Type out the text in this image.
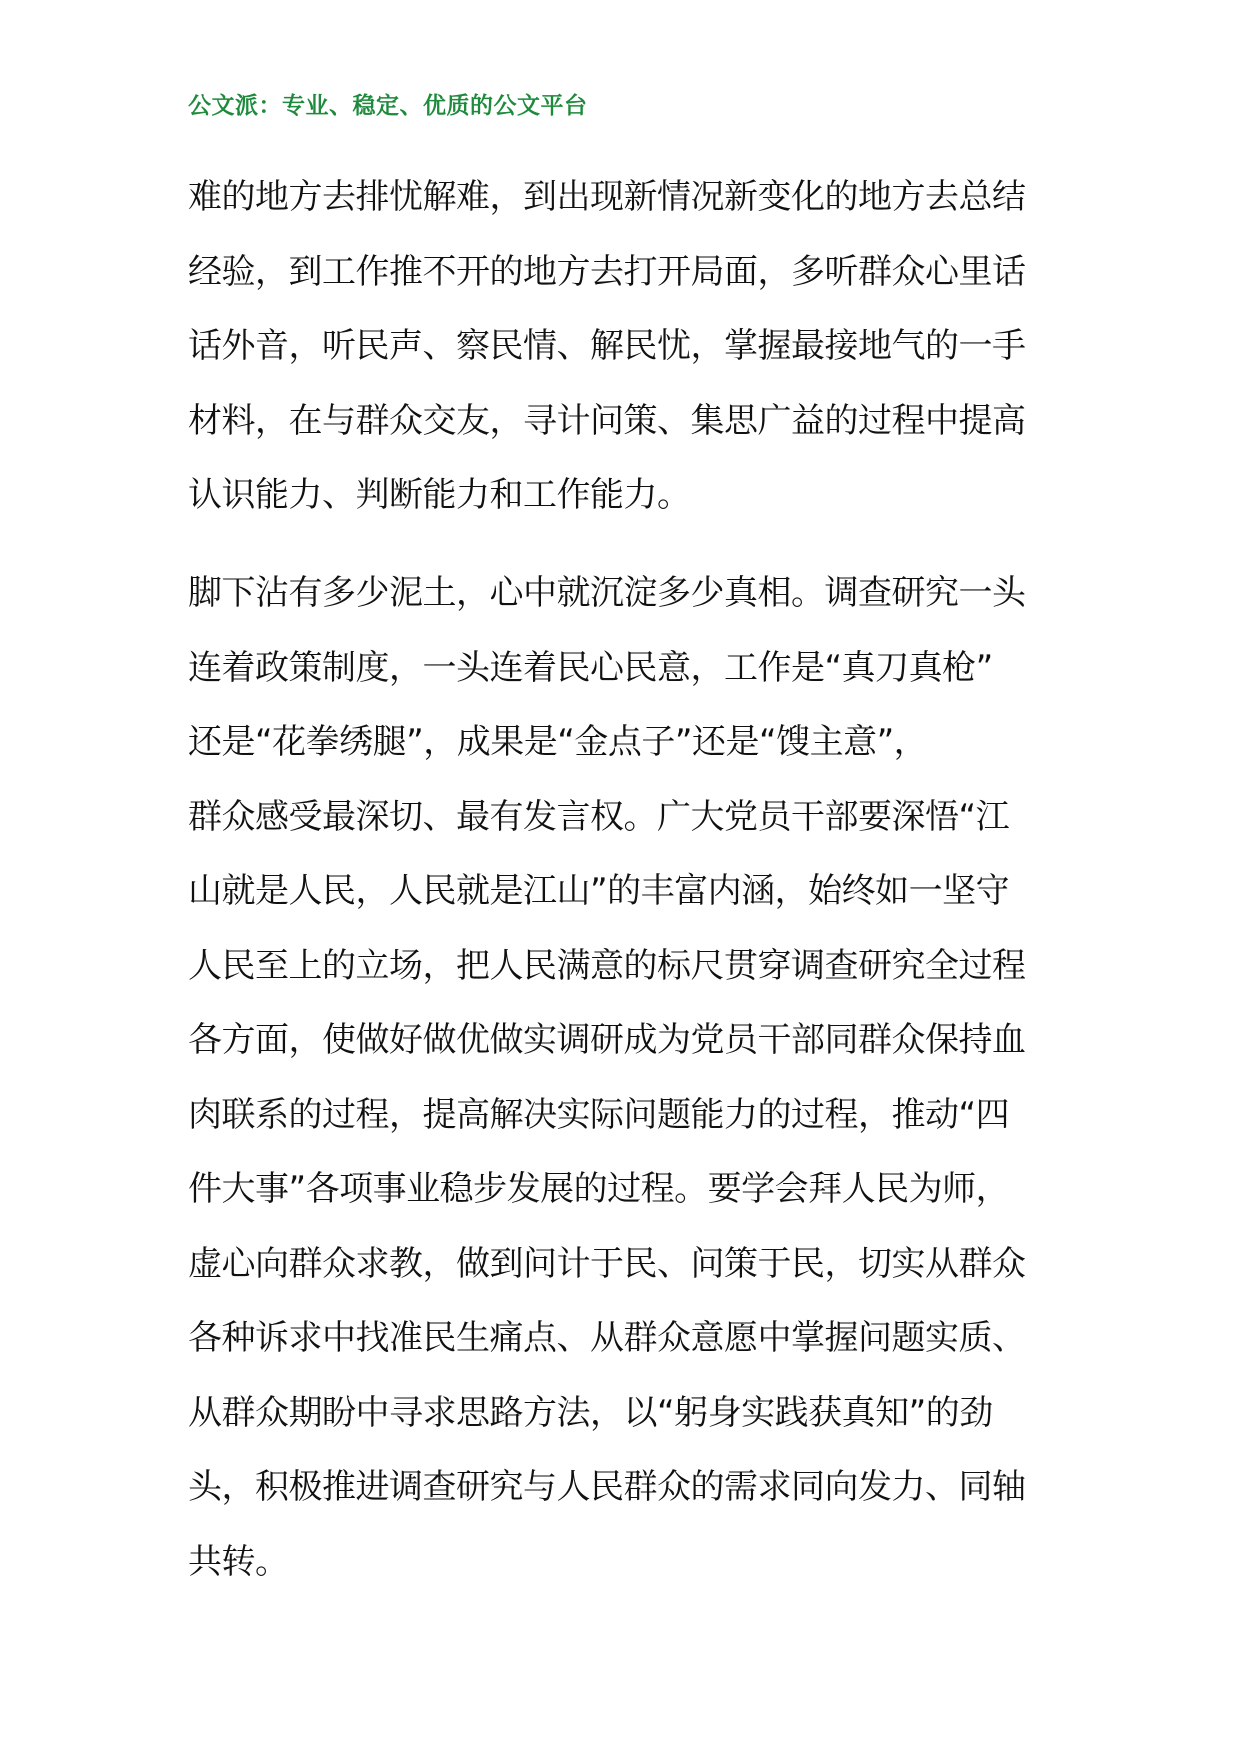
公文派：专业、稳定、优质的公文平台
难的地方去排忧解难，到出现新情况新变化的地方去总结
经验，到工作推不开的地方去打开局面，多听群众心里话
话外音，听民声、察民情、解民忧，掌握最接地气的一手
材料，在与群众交友，寻计问策、集思广益的过程中提高
认识能力、判断能力和工作能力。
脚下沾有多少泥土，心中就沉淀多少真相。调查研究一头
连着政策制度，一头连着民心民意，工作是“真刀真枪”
还是“花拳绣腿”，成果是“金点子”还是“馊主意”，
群众感受最深切、最有发言权。广大党员干部要深悟“江
山就是人民，人民就是江山”的丰富内涵，始终如一坚守
人民至上的立场，把人民满意的标尺贯穿调查研究全过程
各方面，使做好做优做实调研成为党员干部同群众保持血
肉联系的过程，提高解决实际问题能力的过程，推动“四
件大事”各项事业稳步发展的过程。要学会拜人民为师，
虚心向群众求教，做到问计于民、问策于民，切实从群众
各种诉求中找准民生痛点、从群众意愿中掌握问题实质、
从群众期盼中寻求思路方法，以“躬身实践获真知”的劲
头，积极推进调查研究与人民群众的需求同向发力、同轴
共转。
